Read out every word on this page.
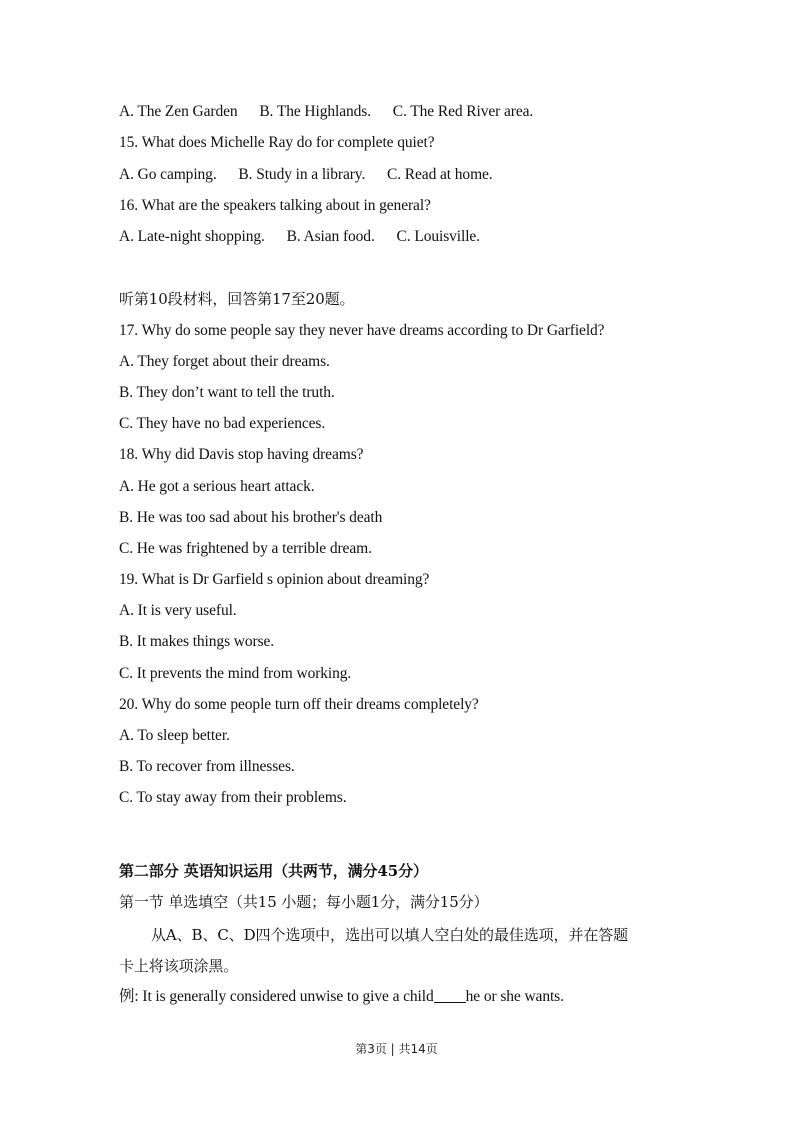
A. The Zen Garden B. The Highlands. C. The Red River area.
15. What does Michelle Ray do for complete quiet?
A. Go camping. B. Study in a library. C. Read at home.
16. What are the speakers talking about in general?
A. Late-night shopping. B. Asian food. C. Louisville.
听第10段材料，回答第17至20题。
17. Why do some people say they never have dreams according to Dr Garfield?
A. They forget about their dreams.
B. They don’t want to tell the truth.
C. They have no bad experiences.
18. Why did Davis stop having dreams?
A. He got a serious heart attack.
B. He was too sad about his brother's death
C. He was frightened by a terrible dream.
19. What is Dr Garfield s opinion about dreaming?
A. It is very useful.
B. It makes things worse.
C. It prevents the mind from working.
20. Why do some people turn off their dreams completely?
A. To sleep better.
B. To recover from illnesses.
C. To stay away from their problems.
第二部分 英语知识运用（共两节，满分45分）
第一节 单选填空（共15 小题；每小题1分，满分15分）
从A、B、C、D四个选项中，选出可以填人空白处的最佳选项，并在答题
卡上将该项涂黑。
例: It is generally considered unwise to give a child he or she wants.
第3页 | 共14页
